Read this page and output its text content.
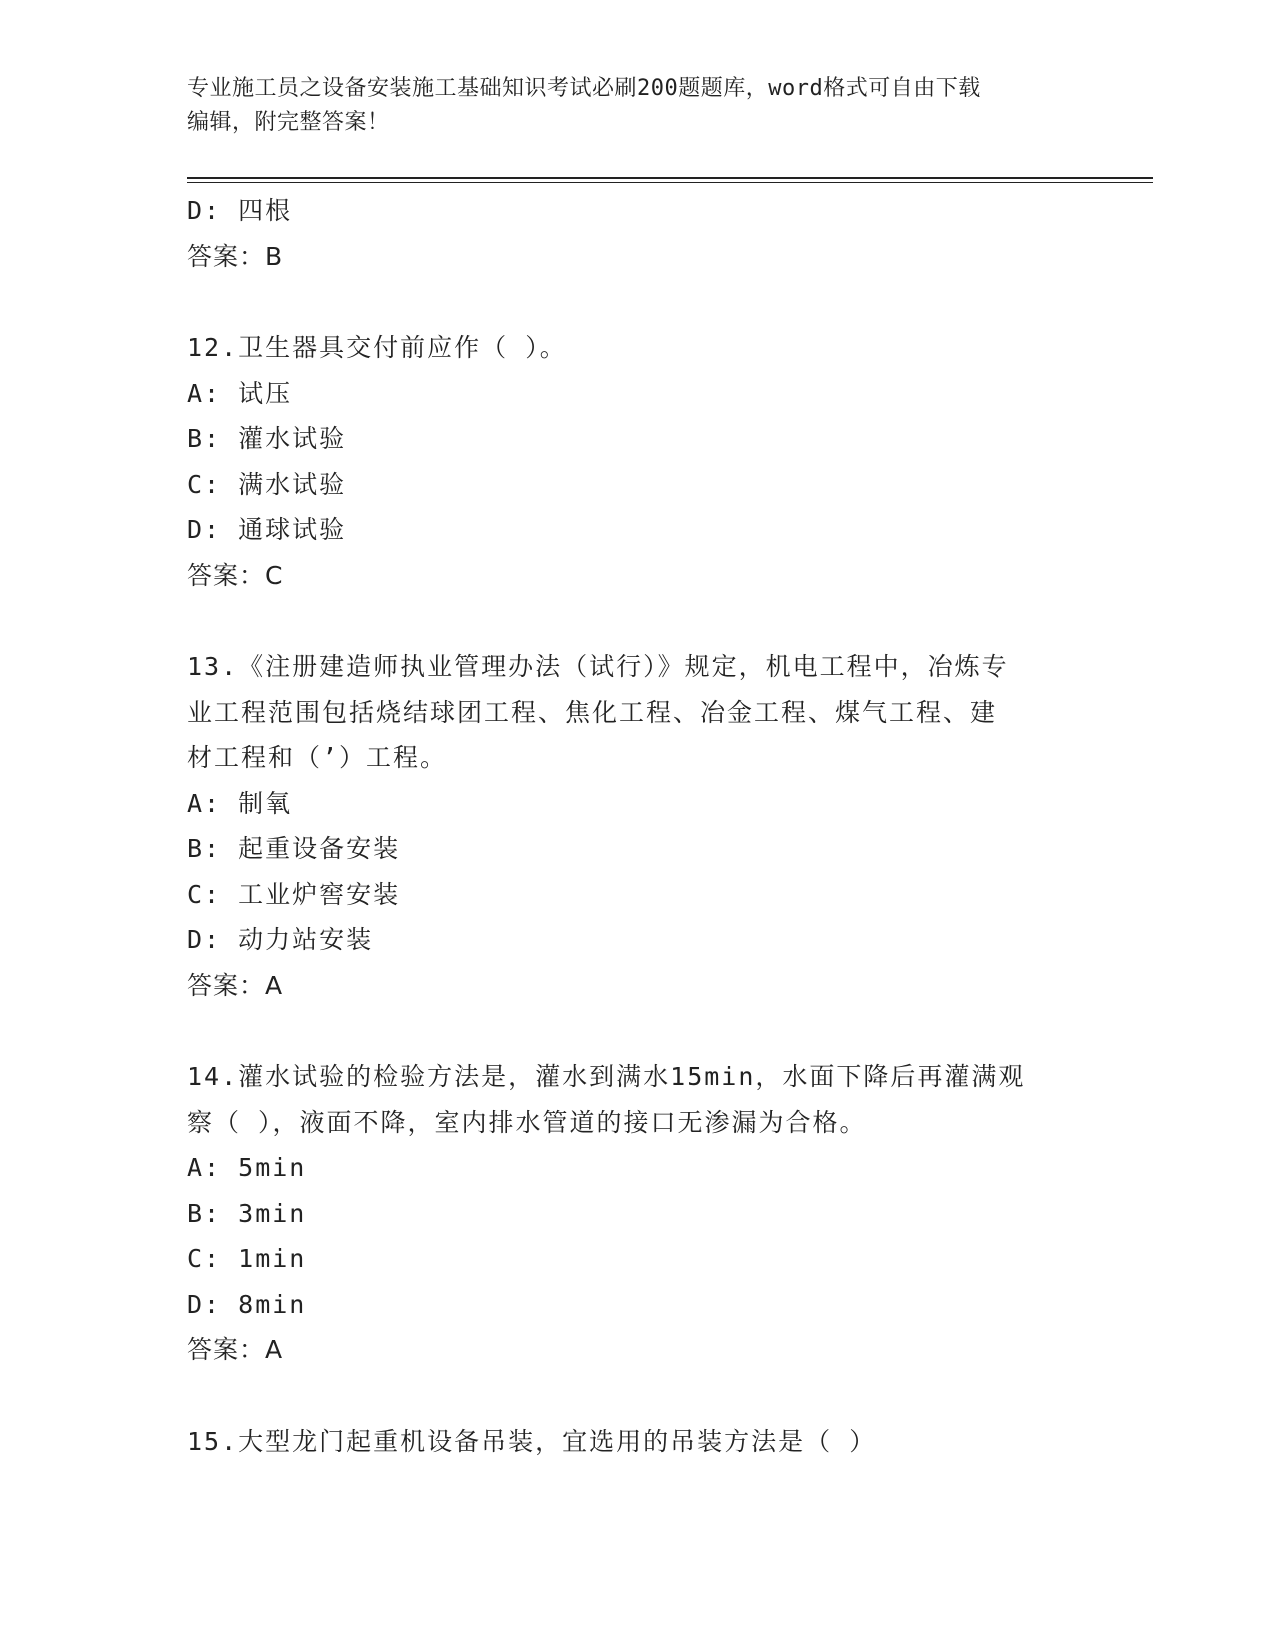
专业施工员之设备安装施工基础知识考试必刷200题题库，word格式可自由下载
编辑，附完整答案！
D: 四根
答案：B
12.卫生器具交付前应作（ ）。
A: 试压
B: 灌水试验
C: 满水试验
D: 通球试验
答案：C
13.《注册建造师执业管理办法（试行）》规定，机电工程中，冶炼专
业工程范围包括烧结球团工程、焦化工程、冶金工程、煤气工程、建
材工程和（’）工程。
A: 制氧
B: 起重设备安装
C: 工业炉窖安装
D: 动力站安装
答案：A
14.灌水试验的检验方法是，灌水到满水15min，水面下降后再灌满观
察（ ），液面不降，室内排水管道的接口无渗漏为合格。
A: 5min
B: 3min
C: 1min
D: 8min
答案：A
15.大型龙门起重机设备吊装，宜选用的吊装方法是（ ）
